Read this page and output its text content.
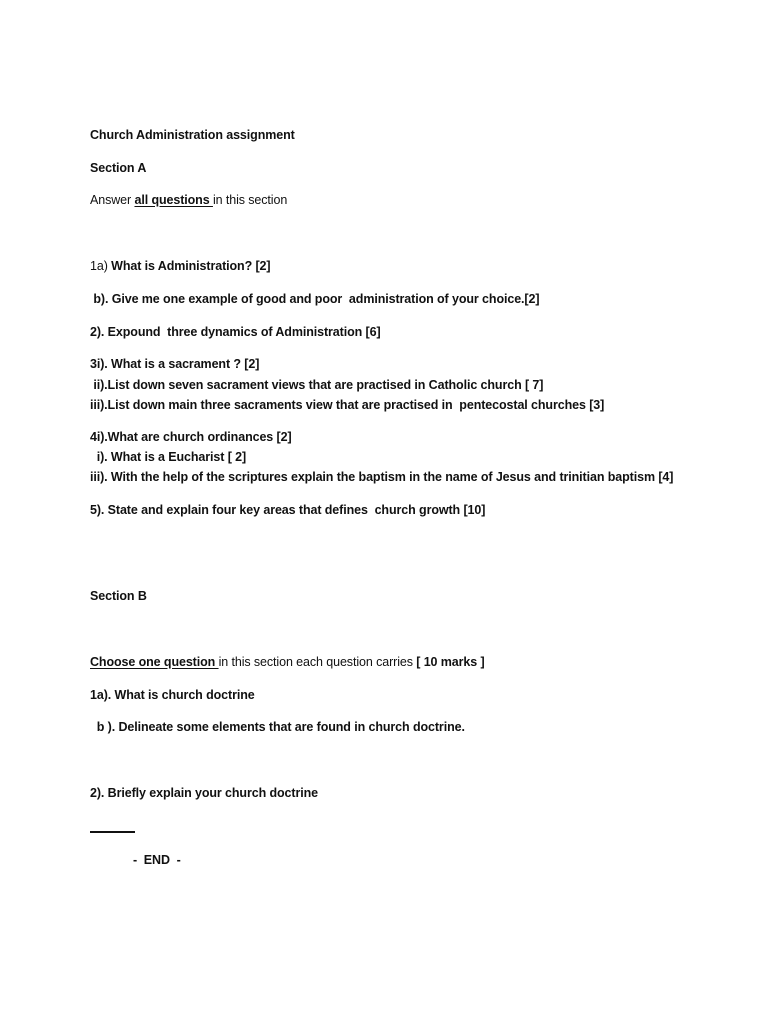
Church Administration assignment
Section A
Answer all questions in this section
1a) What is Administration? [2]
b). Give me one example of good and poor  administration of your choice.[2]
2). Expound  three dynamics of Administration [6]
3i). What is a sacrament ? [2]
ii).List down seven sacrament views that are practised in Catholic church [ 7]
iii).List down main three sacraments view that are practised in  pentecostal churches [3]
4i).What are church ordinances [2]
i). What is a Eucharist [ 2]
iii). With the help of the scriptures explain the baptism in the name of Jesus and trinitian baptism [4]
5). State and explain four key areas that defines  church growth [10]
Section B
Choose one question in this section each question carries [ 10 marks ]
1a). What is church doctrine
b ). Delineate some elements that are found in church doctrine.
2). Briefly explain your church doctrine
-  END  -
